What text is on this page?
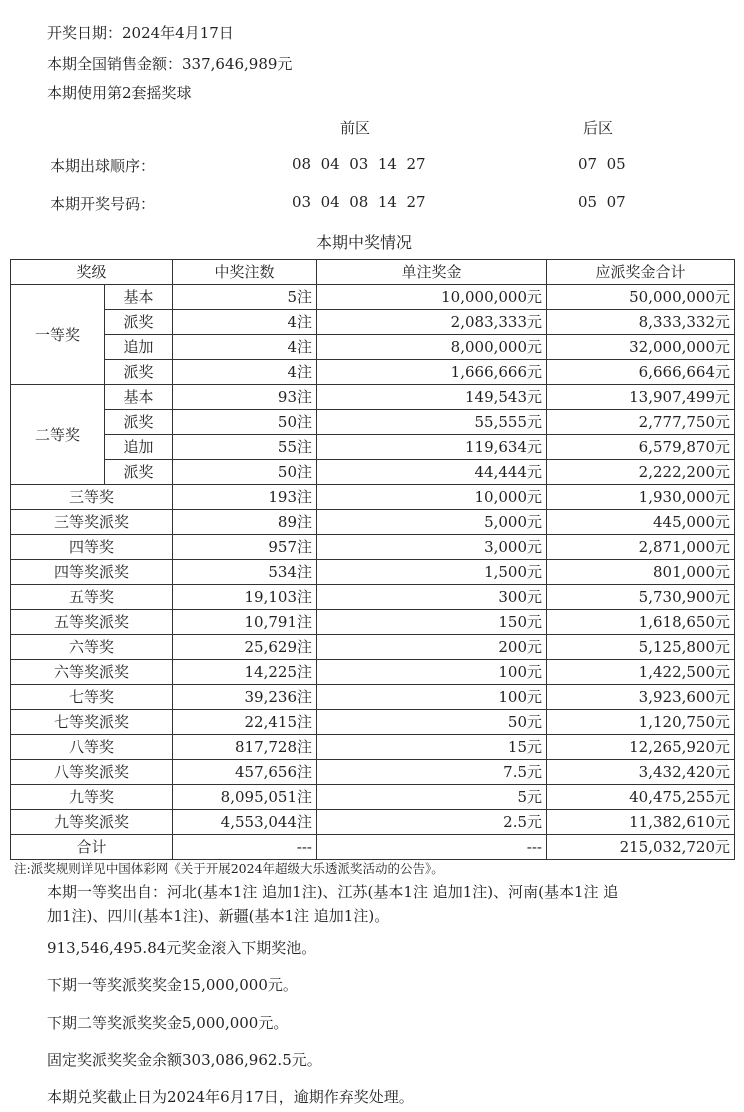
开奖日期：2024年4月17日
本期全国销售金额：337,646,989元
本期使用第2套摇奖球
前区	后区
本期出球顺序：	08  04  03  14  27	07  05
本期开奖号码：	03  04  08  14  27	05  07
本期中奖情况
奖级		中奖注数	单注奖金	应派奖金合计
一等奖	基本	5注	10,000,000元	50,000,000元
	派奖	4注	2,083,333元	8,333,332元
	追加	4注	8,000,000元	32,000,000元
	派奖	4注	1,666,666元	6,666,664元
二等奖	基本	93注	149,543元	13,907,499元
	派奖	50注	55,555元	2,777,750元
	追加	55注	119,634元	6,579,870元
	派奖	50注	44,444元	2,222,200元
三等奖		193注	10,000元	1,930,000元
三等奖派奖		89注	5,000元	445,000元
四等奖		957注	3,000元	2,871,000元
四等奖派奖		534注	1,500元	801,000元
五等奖		19,103注	300元	5,730,900元
五等奖派奖		10,791注	150元	1,618,650元
六等奖		25,629注	200元	5,125,800元
六等奖派奖		14,225注	100元	1,422,500元
七等奖		39,236注	100元	3,923,600元
七等奖派奖		22,415注	50元	1,120,750元
八等奖		817,728注	15元	12,265,920元
八等奖派奖		457,656注	7.5元	3,432,420元
九等奖		8,095,051注	5元	40,475,255元
九等奖派奖		4,553,044注	2.5元	11,382,610元
合计		---	---	215,032,720元
注:派奖规则详见中国体彩网《关于开展2024年超级大乐透派奖活动的公告》。
本期一等奖出自：河北(基本1注 追加1注)、江苏(基本1注 追加1注)、河南(基本1注 追
加1注)、四川(基本1注)、新疆(基本1注 追加1注)。
913,546,495.84元奖金滚入下期奖池。
下期一等奖派奖奖金15,000,000元。
下期二等奖派奖奖金5,000,000元。
固定奖派奖奖金余额303,086,962.5元。
本期兑奖截止日为2024年6月17日，逾期作弃奖处理。
